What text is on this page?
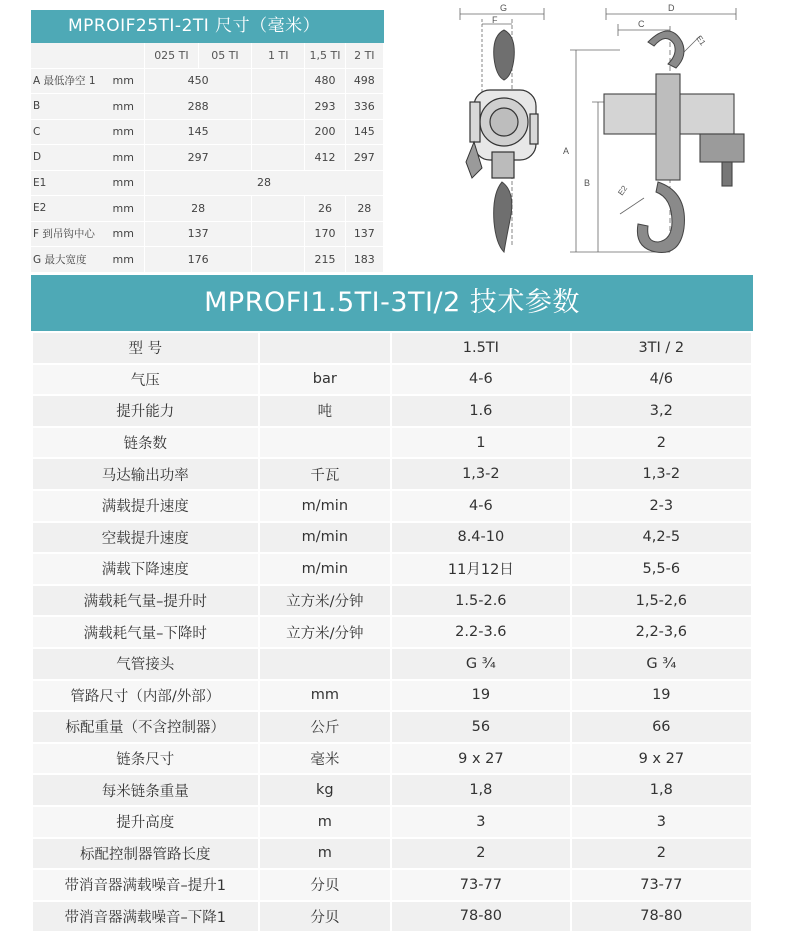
MPROIF25TI-2TI 尺寸（毫米）
		025 TI	05 TI	1 TI	1,5 TI	2 TI
A 最低净空 1	mm	450			480	498
B	mm	288			293	336
C	mm	145			200	145
D	mm	297			412	297
E1	mm	28				
E2	mm	28			26	28
F 到吊钩中心	mm	137			170	137
G 最大宽度	mm	176			215	183
G
F
D
C
E1
A
B
E2
MPROFI1.5TI-3TI/2 技术参数
型 号		1.5TI	3TI / 2
气压	bar	4-6	4/6
提升能力	吨	1.6	3,2
链条数		1	2
马达输出功率	千瓦	1,3-2	1,3-2
满载提升速度	m/min	4-6	2-3
空载提升速度	m/min	8.4-10	4,2-5
满载下降速度	m/min	11月12日	5,5-6
满载耗气量–提升时	立方米/分钟	1.5-2.6	1,5-2,6
满载耗气量–下降时	立方米/分钟	2.2-3.6	2,2-3,6
气管接头		G ¾	G ¾
管路尺寸（内部/外部）	mm	19	19
标配重量（不含控制器）	公斤	56	66
链条尺寸	毫米	9 x 27	9 x 27
每米链条重量	kg	1,8	1,8
提升高度	m	3	3
标配控制器管路长度	m	2	2
带消音器满载噪音–提升1	分贝	73-77	73-77
带消音器满载噪音–下降1	分贝	78-80	78-80
